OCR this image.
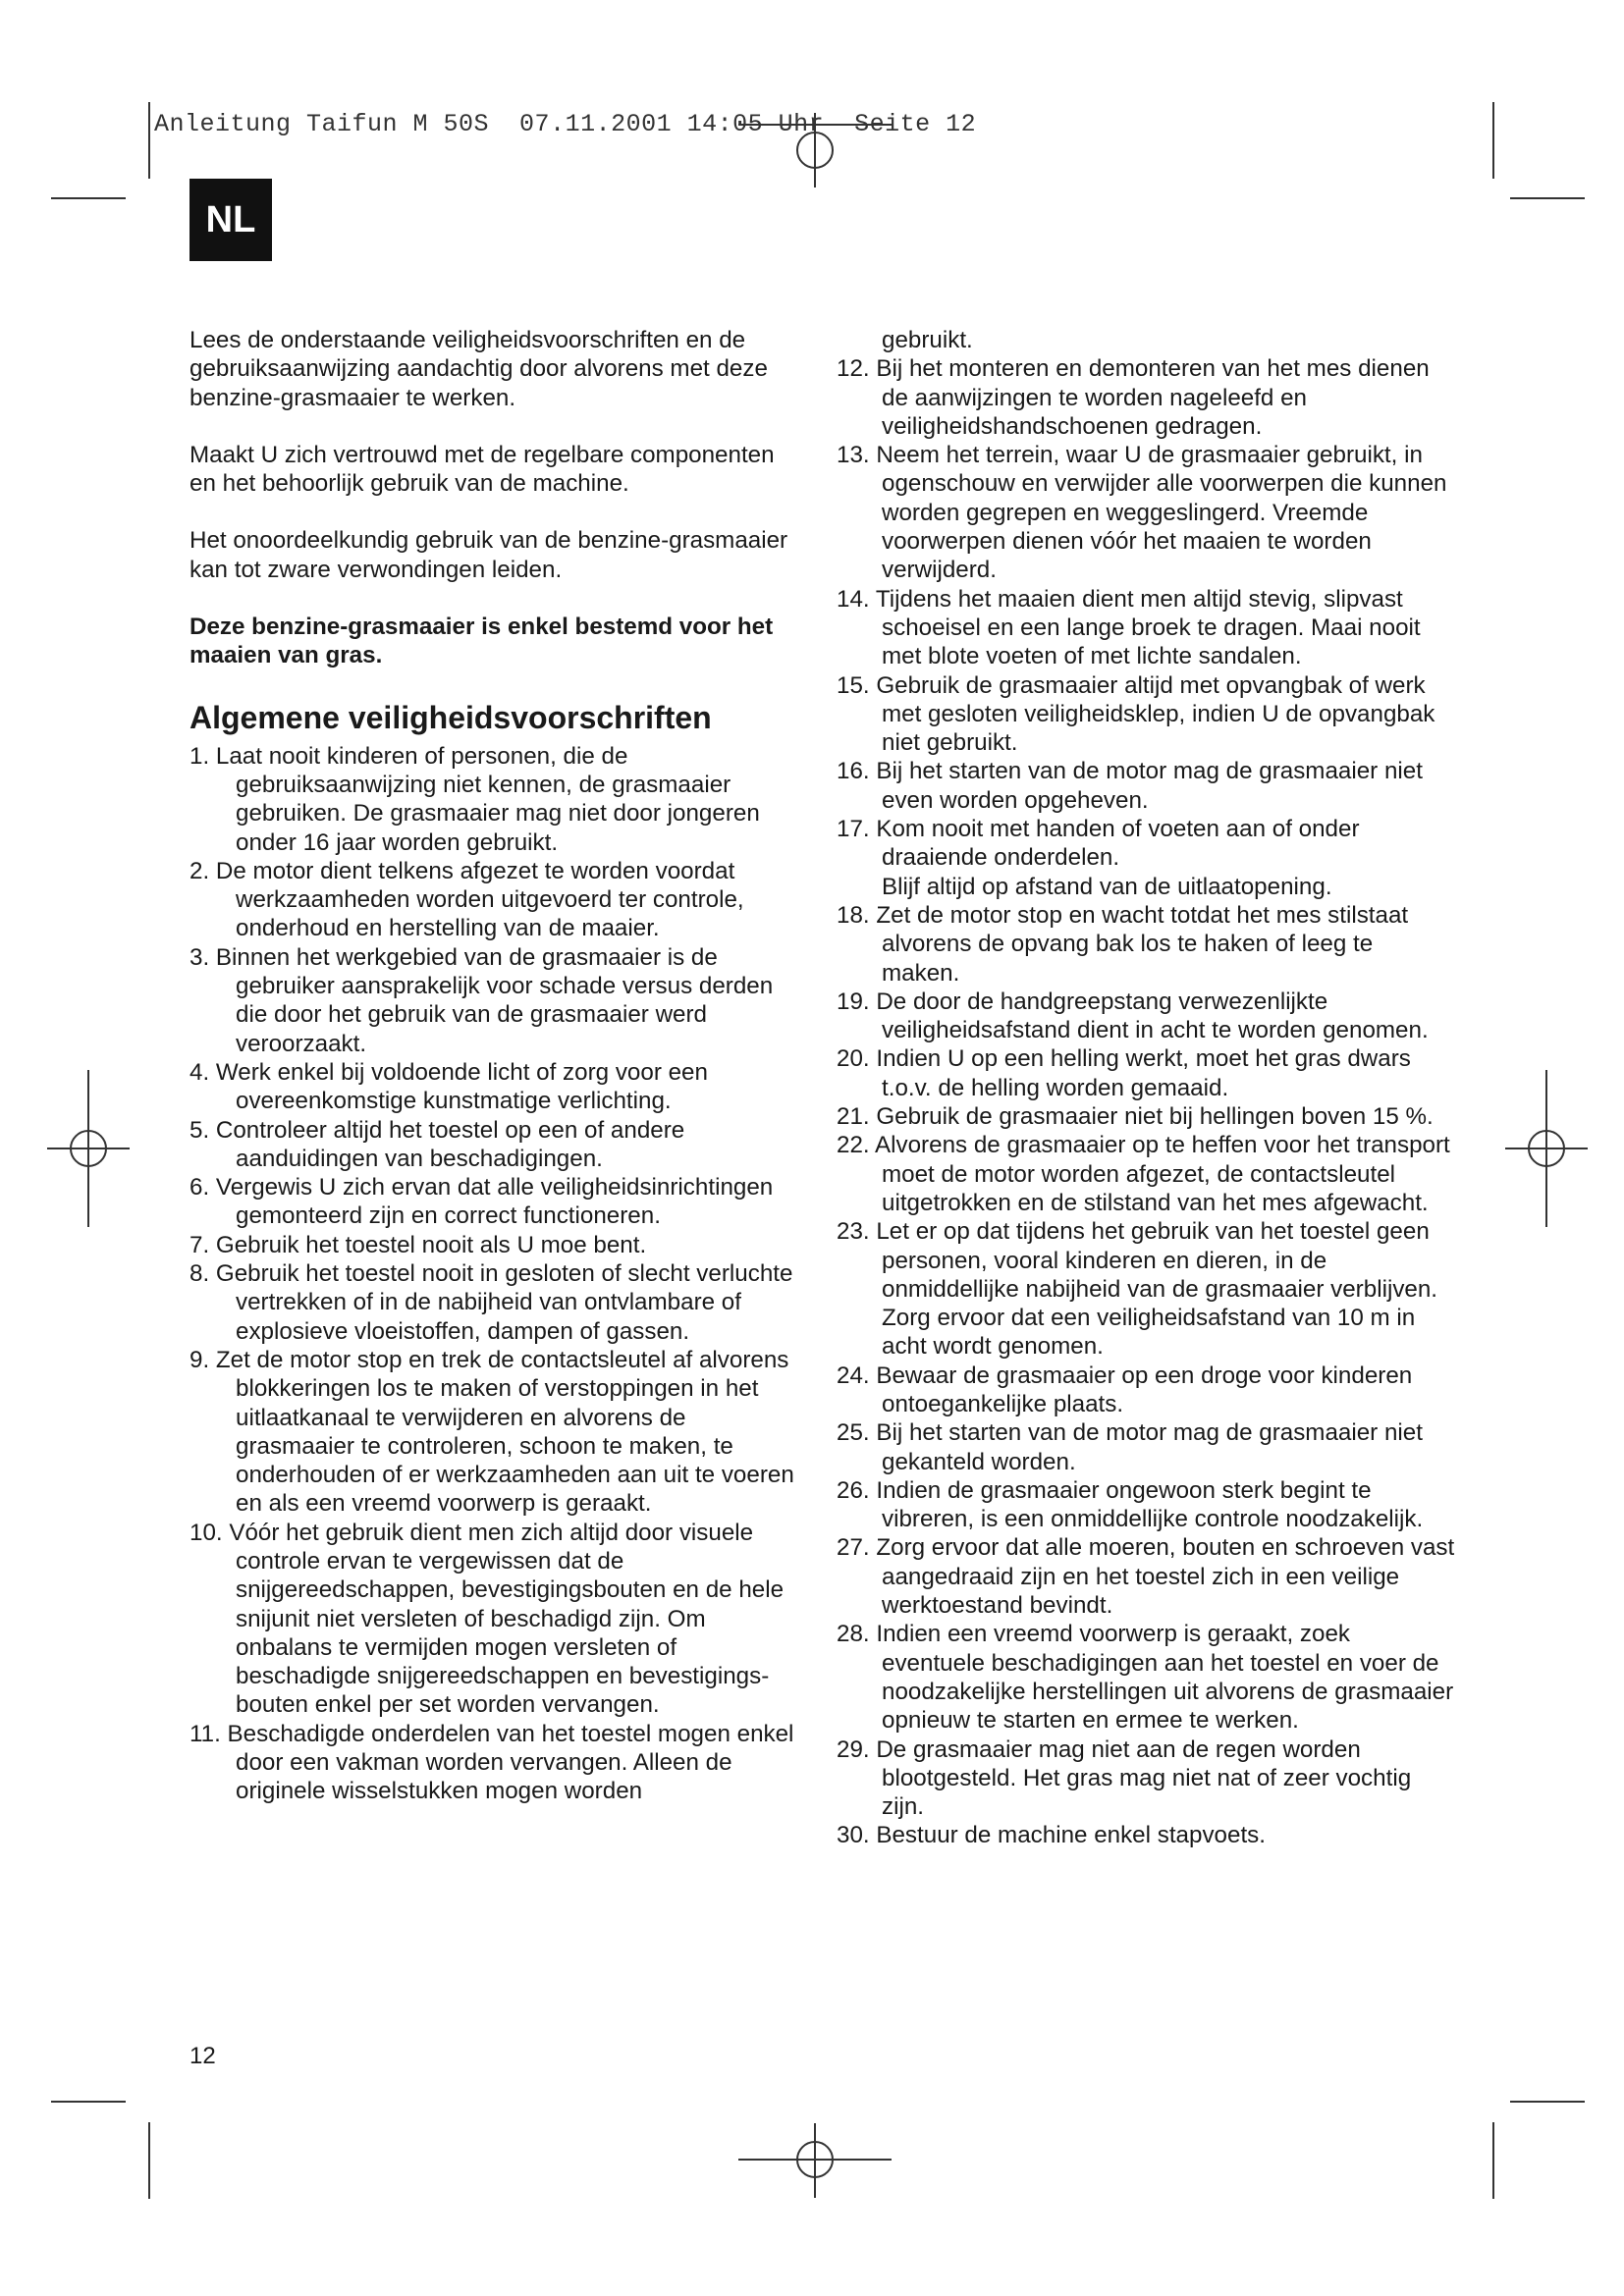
Anleitung Taifun M 50S  07.11.2001 14:05 Uhr  Seite 12
NL

Lees de onderstaande veiligheidsvoorschriften en de gebruiksaanwijzing aandachtig door alvorens met deze benzine-grasmaaier te werken.

Maakt U zich vertrouwd met de regelbare componenten en het behoorlijk gebruik van de machine.

Het onoordeelkundig gebruik van de benzine-grasmaaier kan tot zware verwondingen leiden.

Deze benzine-grasmaaier is enkel bestemd voor het maaien van gras.

Algemene veiligheidsvoorschriften
1. Laat nooit kinderen of personen, die de gebruiksaanwijzing niet kennen, de grasmaaier gebruiken. De grasmaaier mag niet door jongeren onder 16 jaar worden gebruikt.
2. De motor dient telkens afgezet te worden voordat werkzaamheden worden uitgevoerd ter controle, onderhoud en herstelling van de maaier.
3. Binnen het werkgebied van de grasmaaier is de gebruiker aansprakelijk voor schade versus derden die door het gebruik van de grasmaaier werd veroorzaakt.
4. Werk enkel bij voldoende licht of zorg voor een overeenkomstige kunstmatige verlichting.
5. Controleer altijd het toestel op een of andere aanduidingen van beschadigingen.
6. Vergewis U zich ervan dat alle veiligheidsinrichtingen gemonteerd zijn en correct functioneren.
7. Gebruik het toestel nooit als U moe bent.
8. Gebruik het toestel nooit in gesloten of slecht verluchte vertrekken of in de nabijheid van ontvlambare of explosieve vloeistoffen, dampen of gassen.
9. Zet de motor stop en trek de contactsleutel af alvorens blokkeringen los te maken of verstoppingen in het uitlaatkanaal te verwijderen en alvorens de grasmaaier te controleren, schoon te maken, te onderhouden of er werkzaamheden aan uit te voeren en als een vreemd voorwerp is geraakt.
10. Vóór het gebruik dient men zich altijd door visuele controle ervan te vergewissen dat de snijgereedschappen, bevestigingsbouten en de hele snijunit niet versleten of beschadigd zijn. Om onbalans te vermijden mogen versleten of beschadigde snijgereedschappen en bevestigings-bouten enkel per set worden vervangen.
11. Beschadigde onderdelen van het toestel mogen enkel door een vakman worden vervangen. Alleen de originele wisselstukken mogen worden
gebruikt.
12. Bij het monteren en demonteren van het mes dienen de aanwijzingen te worden nageleefd en veiligheidshandschoenen gedragen.
13. Neem het terrein, waar U de grasmaaier gebruikt, in ogenschouw en verwijder alle voorwerpen die kunnen worden gegrepen en weggeslingerd. Vreemde voorwerpen dienen vóór het maaien te worden verwijderd.
14. Tijdens het maaien dient men altijd stevig, slipvast schoeisel en een lange broek te dragen. Maai nooit met blote voeten of met lichte sandalen.
15. Gebruik de grasmaaier altijd met opvangbak of werk met gesloten veiligheidsklep, indien U de opvangbak niet gebruikt.
16. Bij het starten van de motor mag de grasmaaier niet even worden opgeheven.
17. Kom nooit met handen of voeten aan of onder draaiende onderdelen.
Blijf altijd op afstand van de uitlaatopening.
18. Zet de motor stop en wacht totdat het mes stilstaat alvorens de opvang bak los te haken of leeg te maken.
19. De door de handgreepstang verwezenlijkte veiligheidsafstand dient in acht te worden genomen.
20. Indien U op een helling werkt, moet het gras dwars t.o.v. de helling worden gemaaid.
21. Gebruik de grasmaaier niet bij hellingen boven 15 %.
22. Alvorens de grasmaaier op te heffen voor het transport moet de motor worden afgezet, de contactsleutel uitgetrokken en de stilstand van het mes afgewacht.
23. Let er op dat tijdens het gebruik van het toestel geen personen, vooral kinderen en dieren, in de onmiddellijke nabijheid van de grasmaaier verblijven. Zorg ervoor dat een veiligheidsafstand van 10 m in acht wordt genomen.
24. Bewaar de grasmaaier op een droge voor kinderen ontoegankelijke plaats.
25. Bij het starten van de motor mag de grasmaaier niet gekanteld worden.
26. Indien de grasmaaier ongewoon sterk begint te vibreren, is een onmiddellijke controle noodzakelijk.
27. Zorg ervoor dat alle moeren, bouten en schroeven vast aangedraaid zijn en het toestel zich in een veilige werktoestand bevindt.
28. Indien een vreemd voorwerp is geraakt, zoek eventuele beschadigingen aan het toestel en voer de noodzakelijke herstellingen uit alvorens de grasmaaier opnieuw te starten en ermee te werken.
29. De grasmaaier mag niet aan de regen worden blootgesteld. Het gras mag niet nat of zeer vochtig zijn.
30. Bestuur de machine enkel stapvoets.
12
